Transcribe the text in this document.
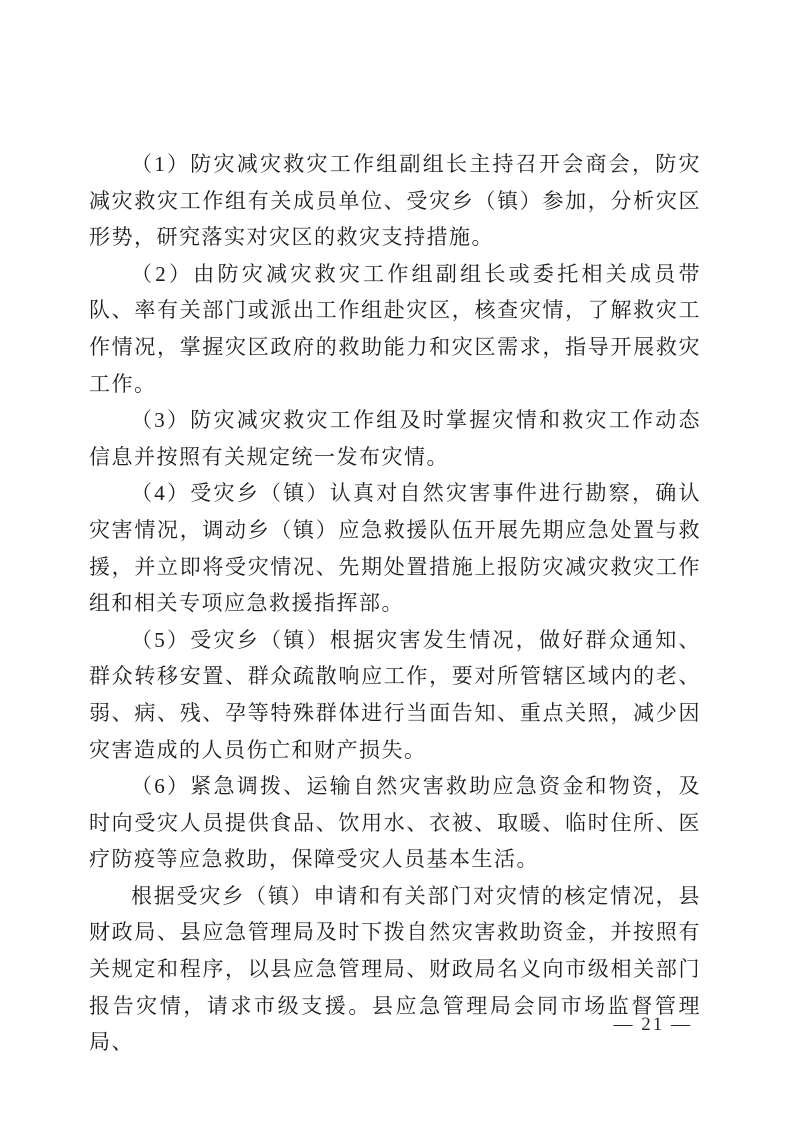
（1）防灾减灾救灾工作组副组长主持召开会商会，防灾减灾救灾工作组有关成员单位、受灾乡（镇）参加，分析灾区形势，研究落实对灾区的救灾支持措施。

（2）由防灾减灾救灾工作组副组长或委托相关成员带队、率有关部门或派出工作组赴灾区，核查灾情，了解救灾工作情况，掌握灾区政府的救助能力和灾区需求，指导开展救灾工作。

（3）防灾减灾救灾工作组及时掌握灾情和救灾工作动态信息并按照有关规定统一发布灾情。

（4）受灾乡（镇）认真对自然灾害事件进行勘察，确认灾害情况，调动乡（镇）应急救援队伍开展先期应急处置与救援，并立即将受灾情况、先期处置措施上报防灾减灾救灾工作组和相关专项应急救援指挥部。

（5）受灾乡（镇）根据灾害发生情况，做好群众通知、群众转移安置、群众疏散响应工作，要对所管辖区域内的老、弱、病、残、孕等特殊群体进行当面告知、重点关照，减少因灾害造成的人员伤亡和财产损失。

（6）紧急调拨、运输自然灾害救助应急资金和物资，及时向受灾人员提供食品、饮用水、衣被、取暖、临时住所、医疗防疫等应急救助，保障受灾人员基本生活。

根据受灾乡（镇）申请和有关部门对灾情的核定情况，县财政局、县应急管理局及时下拨自然灾害救助资金，并按照有关规定和程序，以县应急管理局、财政局名义向市级相关部门报告灾情，请求市级支援。县应急管理局会同市场监督管理局、

— 21 —
